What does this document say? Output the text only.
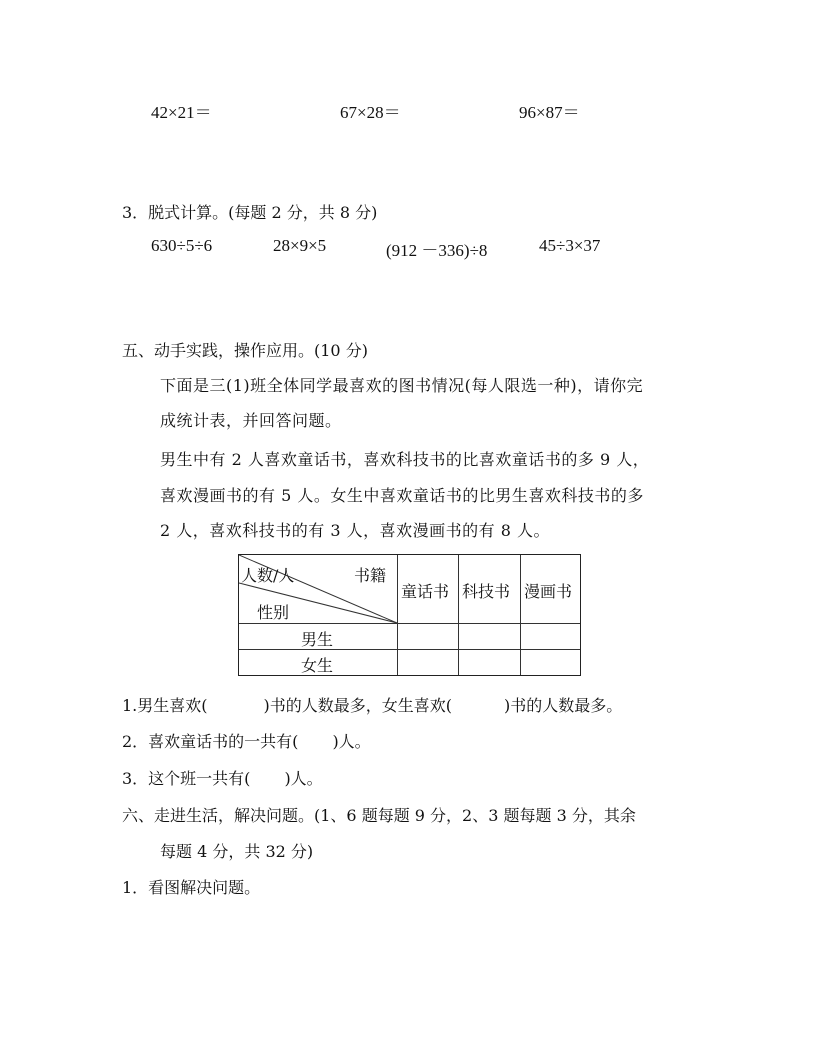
42×21＝	67×28＝	96×87＝
3．脱式计算。(每题 2 分，共 8 分)
630÷5÷6	28×9×5	(912 －336)÷8	45÷3×37
五、动手实践，操作应用。(10 分)
下面是三(1)班全体同学最喜欢的图书情况(每人限选一种)，请你完
成统计表，并回答问题。
男生中有 2 人喜欢童话书，喜欢科技书的比喜欢童话书的多 9 人，
喜欢漫画书的有 5 人。女生中喜欢童话书的比男生喜欢科技书的多
2 人，喜欢科技书的有 3 人，喜欢漫画书的有 8 人。
人数/人	书籍
性别
童话书 科技书 漫画书
男生
女生
1.男生喜欢(	)书的人数最多，女生喜欢(	)书的人数最多。
2．喜欢童话书的一共有( )人。
3．这个班一共有( )人。
六、走进生活，解决问题。(1、6 题每题 9 分，2、3 题每题 3 分，其余
每题 4 分，共 32 分)
1．看图解决问题。
